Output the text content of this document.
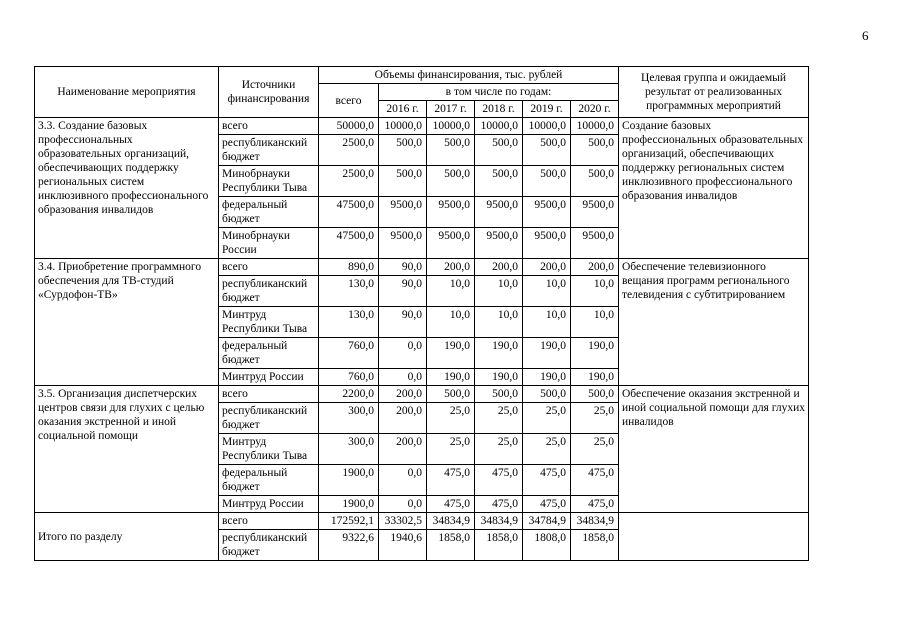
6
Наименование мероприятия	Источники финансирования	Объемы финансирования, тыс. рублей						Целевая группа и ожидаемый результат от реализованных программных мероприятий
		всего	в том числе по годам:					
			2016 г.	2017 г.	2018 г.	2019 г.	2020 г.	
3.3. Создание базовых профессиональных образовательных организаций, обеспечивающих поддержку региональных систем инклюзивного профессионального образования инвалидов	всего	50000,0	10000,0	10000,0	10000,0	10000,0	10000,0	Создание базовых профессиональных образовательных организаций, обеспечивающих поддержку региональных систем инклюзивного профессионального образования инвалидов
	республиканский бюджет	2500,0	500,0	500,0	500,0	500,0	500,0	
	Минобрнауки Республики Тыва	2500,0	500,0	500,0	500,0	500,0	500,0	
	федеральный бюджет	47500,0	9500,0	9500,0	9500,0	9500,0	9500,0	
	Минобрнауки России	47500,0	9500,0	9500,0	9500,0	9500,0	9500,0	
3.4. Приобретение программного обеспечения для ТВ-студий «Сурдофон-ТВ»	всего	890,0	90,0	200,0	200,0	200,0	200,0	Обеспечение телевизионного вещания программ регионального телевидения с субтитрированием
	республиканский бюджет	130,0	90,0	10,0	10,0	10,0	10,0	
	Минтруд Республики Тыва	130,0	90,0	10,0	10,0	10,0	10,0	
	федеральный бюджет	760,0	0,0	190,0	190,0	190,0	190,0	
	Минтруд России	760,0	0,0	190,0	190,0	190,0	190,0	
3.5. Организация диспетчерских центров связи для глухих с целью оказания экстренной и иной социальной помощи	всего	2200,0	200,0	500,0	500,0	500,0	500,0	Обеспечение оказания экстренной и иной социальной помощи для глухих инвалидов
	республиканский бюджет	300,0	200,0	25,0	25,0	25,0	25,0	
	Минтруд Республики Тыва	300,0	200,0	25,0	25,0	25,0	25,0	
	федеральный бюджет	1900,0	0,0	475,0	475,0	475,0	475,0	
	Минтруд России	1900,0	0,0	475,0	475,0	475,0	475,0	
Итого по разделу	всего	172592,1	33302,5	34834,9	34834,9	34784,9	34834,9	
	республиканский бюджет	9322,6	1940,6	1858,0	1858,0	1808,0	1858,0	
